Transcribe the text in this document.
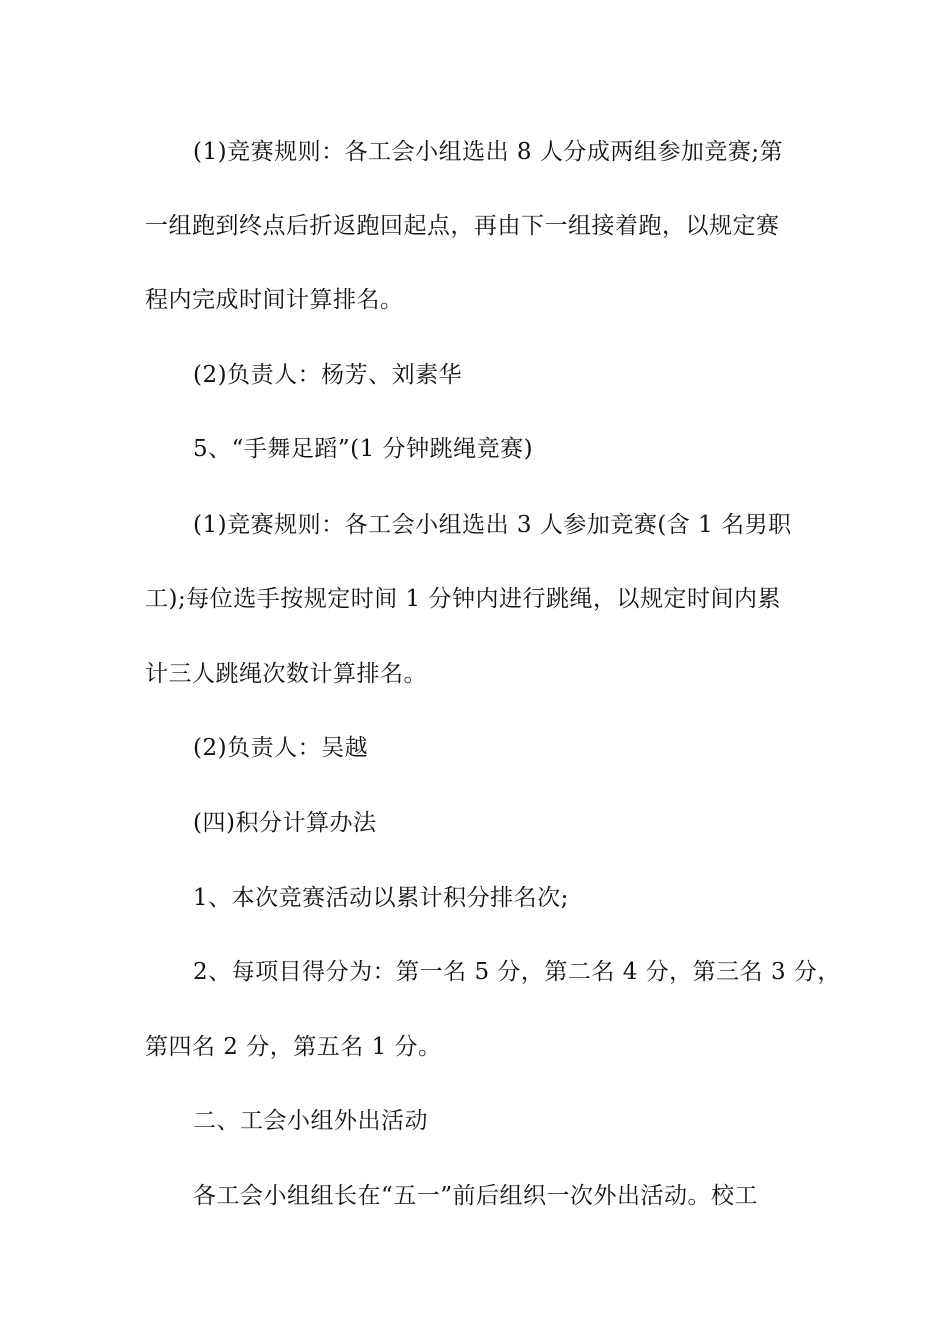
(1)竞赛规则：各工会小组选出 8 人分成两组参加竞赛;第
一组跑到终点后折返跑回起点，再由下一组接着跑，以规定赛
程内完成时间计算排名。
(2)负责人：杨芳、刘素华
5、“手舞足蹈”(1 分钟跳绳竞赛)
(1)竞赛规则：各工会小组选出 3 人参加竞赛(含 1 名男职
工);每位选手按规定时间 1 分钟内进行跳绳，以规定时间内累
计三人跳绳次数计算排名。
(2)负责人：吴越
(四)积分计算办法
1、本次竞赛活动以累计积分排名次;
2、每项目得分为：第一名 5 分，第二名 4 分，第三名 3 分，
第四名 2 分，第五名 1 分。
二、工会小组外出活动
各工会小组组长在“五一”前后组织一次外出活动。校工
